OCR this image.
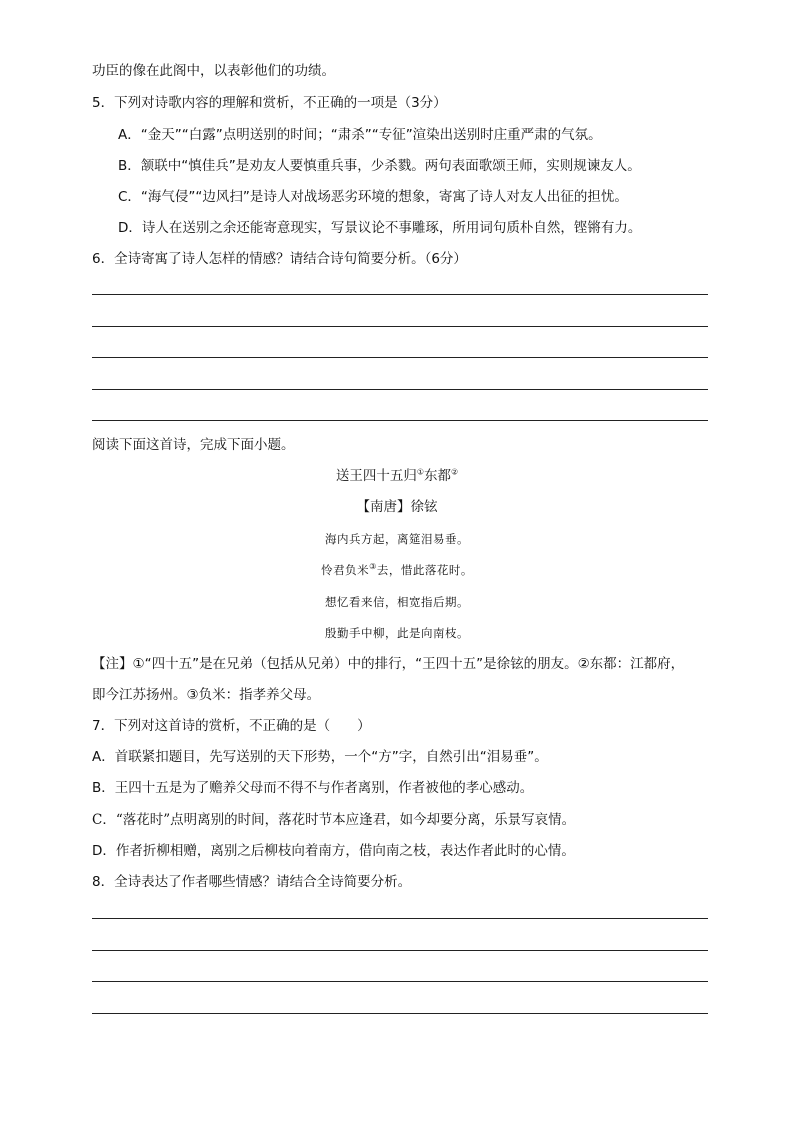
功臣的像在此阁中，以表彰他们的功绩。
5．下列对诗歌内容的理解和赏析，不正确的一项是（3分）
A．“金天”“白露”点明送别的时间；“肃杀”“专征”渲染出送别时庄重严肃的气氛。
B．颔联中“慎佳兵”是劝友人要慎重兵事，少杀戮。两句表面歌颂王师，实则规谏友人。
C．“海气侵”“边风扫”是诗人对战场恶劣环境的想象，寄寓了诗人对友人出征的担忧。
D．诗人在送别之余还能寄意现实，写景议论不事雕琢，所用词句质朴自然，铿锵有力。
6．全诗寄寓了诗人怎样的情感？请结合诗句简要分析。（6分）
阅读下面这首诗，完成下面小题。
送王四十五归①东都②
【南唐】徐铉
海内兵方起，离筵泪易垂。
怜君负米③去，惜此落花时。
想忆看来信，相宽指后期。
殷勤手中柳，此是向南枝。
【注】①“四十五”是在兄弟（包括从兄弟）中的排行，“王四十五”是徐铉的朋友。②东都：江都府，
即今江苏扬州。③负米：指孝养父母。
7．下列对这首诗的赏析，不正确的是（　　）
A．首联紧扣题目，先写送别的天下形势，一个“方”字，自然引出“泪易垂”。
B．王四十五是为了赡养父母而不得不与作者离别，作者被他的孝心感动。
C．“落花时”点明离别的时间，落花时节本应逢君，如今却要分离，乐景写哀情。
D．作者折柳相赠，离别之后柳枝向着南方，借向南之枝，表达作者此时的心情。
8．全诗表达了作者哪些情感？请结合全诗简要分析。
